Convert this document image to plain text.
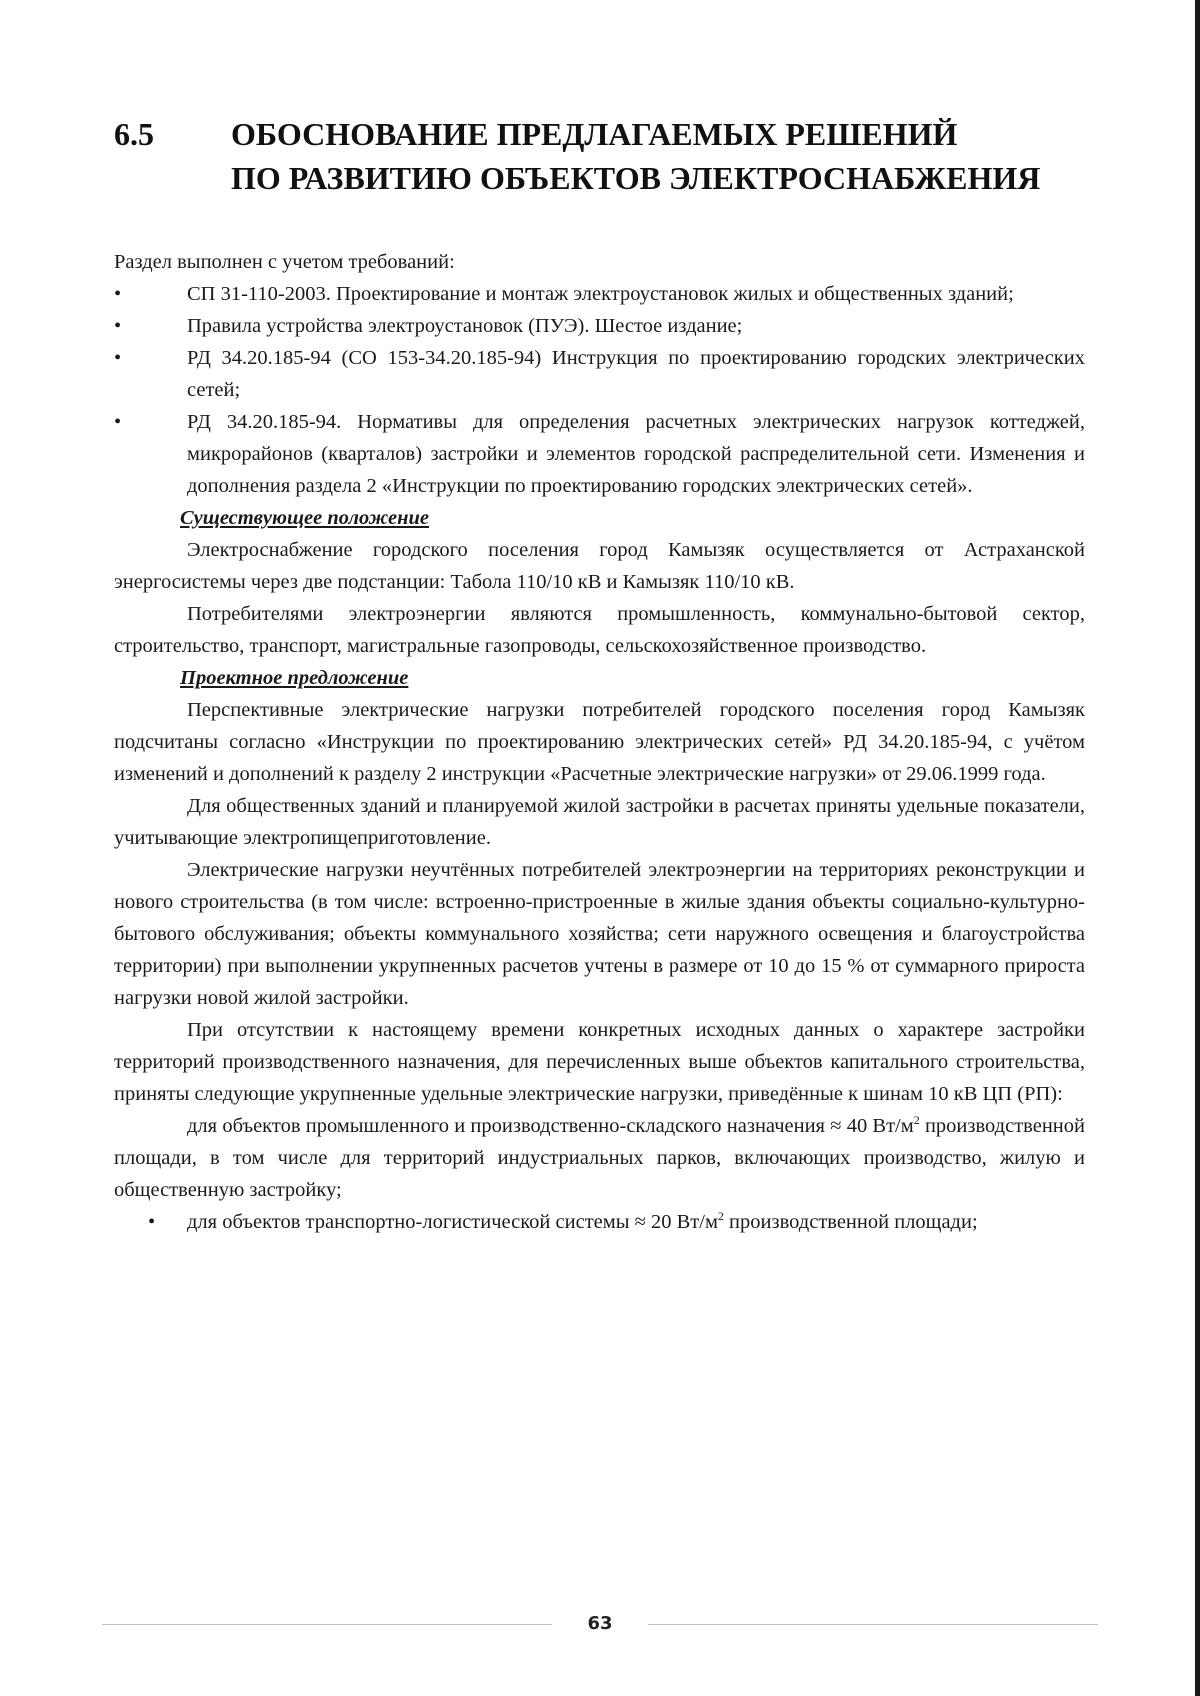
6.5 ОБОСНОВАНИЕ ПРЕДЛАГАЕМЫХ РЕШЕНИЙ
ПО РАЗВИТИЮ ОБЪЕКТОВ ЭЛЕКТРОСНАБЖЕНИЯ

Раздел выполнен с учетом требований:

•	СП 31-110-2003. Проектирование и монтаж электроустановок жилых и общественных зданий;
•	Правила устройства электроустановок (ПУЭ). Шестое издание;
•	РД 34.20.185-94 (СО 153-34.20.185-94) Инструкция по проектированию городских электрических сетей;
•	РД 34.20.185-94. Нормативы для определения расчетных электрических нагрузок коттеджей, микрорайонов (кварталов) застройки и элементов городской распределительной сети. Изменения и дополнения раздела 2 «Инструкции по проектированию городских электрических сетей».

Существующее положение

Электроснабжение городского поселения город Камызяк осуществляется от Астраханской энергосистемы через две подстанции: Табола 110/10 кВ и Камызяк 110/10 кВ.

Потребителями электроэнергии являются промышленность, коммунально-бытовой сектор, строительство, транспорт, магистральные газопроводы, сельскохозяйственное производство.

Проектное предложение

Перспективные электрические нагрузки потребителей городского поселения город Камызяк подсчитаны согласно «Инструкции по проектированию электрических сетей» РД 34.20.185-94, с учётом изменений и дополнений к разделу 2 инструкции «Расчетные электрические нагрузки» от 29.06.1999 года.

Для общественных зданий и планируемой жилой застройки в расчетах приняты удельные показатели, учитывающие электропищеприготовление.

Электрические нагрузки неучтённых потребителей электроэнергии на территориях реконструкции и нового строительства (в том числе: встроенно-пристроенные в жилые здания объекты социально-культурно-бытового обслуживания; объекты коммунального хозяйства; сети наружного освещения и благоустройства территории) при выполнении укрупненных расчетов учтены в размере от 10 до 15 % от суммарного прироста нагрузки новой жилой застройки.

При отсутствии к настоящему времени конкретных исходных данных о характере застройки территорий производственного назначения, для перечисленных выше объектов капитального строительства, приняты следующие укрупненные удельные электрические нагрузки, приведённые к шинам 10 кВ ЦП (РП):

для объектов промышленного и производственно-складского назначения ≈ 40 $Вт/м^2$ производственной площади, в том числе для территорий индустриальных парков, включающих производство, жилую и общественную застройку;

•	для объектов транспортно-логистической системы ≈ 20 $Вт/м^2$ производственной площади;
63
